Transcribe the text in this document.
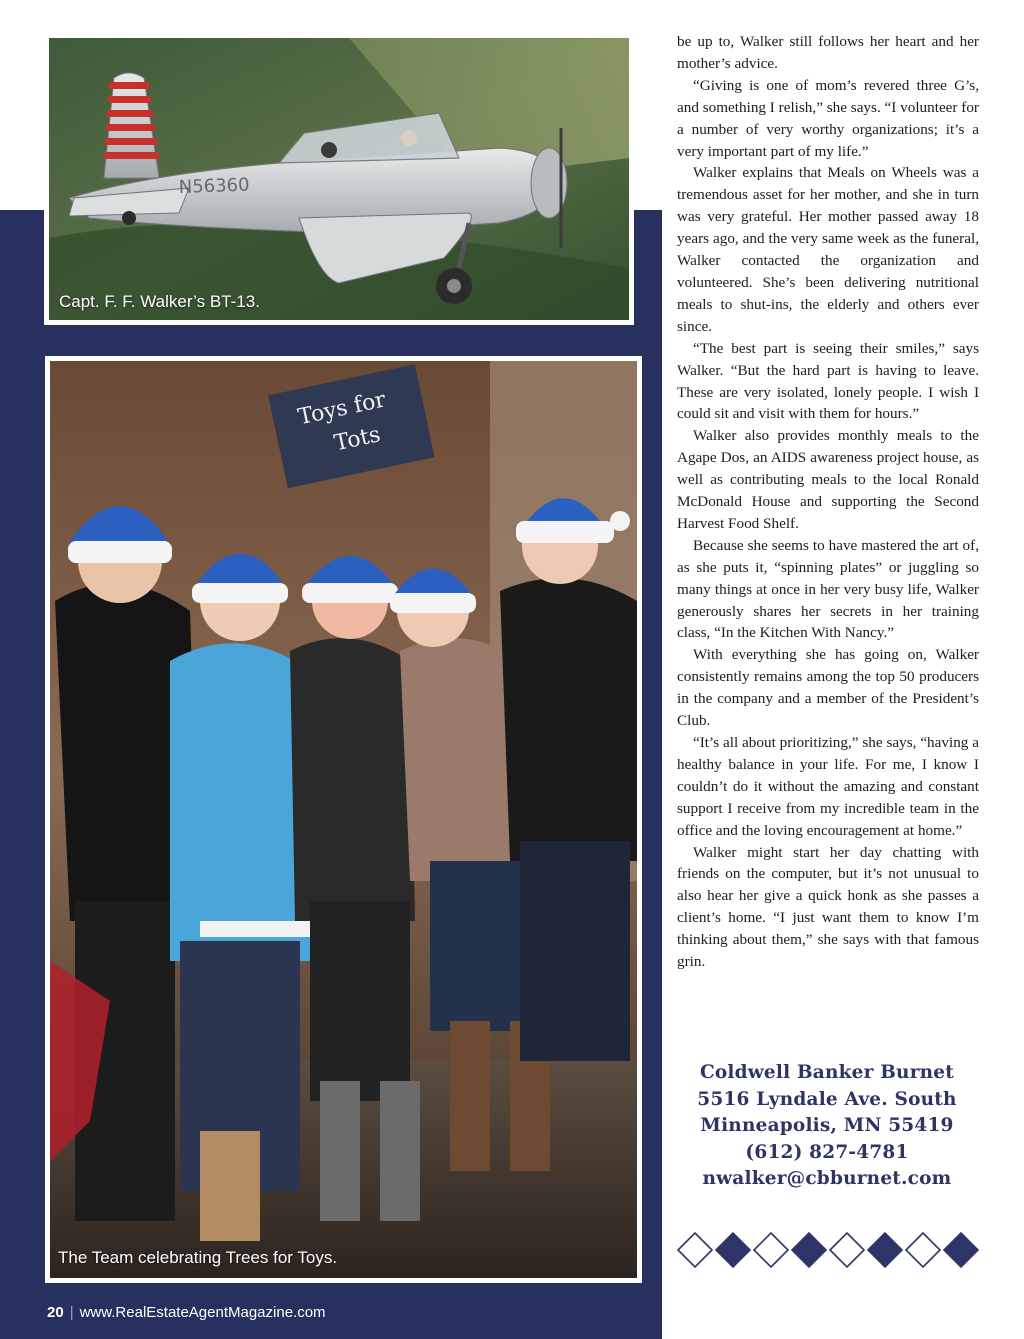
N56360
Capt. F. F. Walker’s BT-13.
Toys for
Tots
The Team celebrating Trees for Toys.

be up to, Walker still follows her heart and her mother’s advice.

“Giving is one of mom’s revered three G’s, and something I relish,” she says. “I volunteer for a number of very worthy organizations; it’s a very important part of my life.”

Walker explains that Meals on Wheels was a tremendous asset for her mother, and she in turn was very grateful. Her mother passed away 18 years ago, and the very same week as the funeral, Walker contacted the organization and volunteered. She’s been delivering nutritional meals to shut-ins, the elderly and others ever since.

“The best part is seeing their smiles,” says Walker. “But the hard part is having to leave. These are very isolated, lonely people. I wish I could sit and visit with them for hours.”

Walker also provides monthly meals to the Agape Dos, an AIDS awareness project house, as well as contributing meals to the local Ronald McDonald House and supporting the Second Harvest Food Shelf.

Because she seems to have mastered the art of, as she puts it, “spinning plates” or juggling so many things at once in her very busy life, Walker generously shares her secrets in her training class, “In the Kitchen With Nancy.”

With everything she has going on, Walker consistently remains among the top 50 producers in the company and a member of the President’s Club.

“It’s all about prioritizing,” she says, “having a healthy balance in your life. For me, I know I couldn’t do it without the amazing and constant support I receive from my incredible team in the office and the loving encouragement at home.”

Walker might start her day chatting with friends on the computer, but it’s not unusual to also hear her give a quick honk as she passes a client’s home. “I just want them to know I’m thinking about them,” she says with that famous grin.

Coldwell Banker Burnet
5516 Lyndale Ave. South
Minneapolis, MN 55419
(612) 827-4781
nwalker@cbburnet.com
20 | www.RealEstateAgentMagazine.com
